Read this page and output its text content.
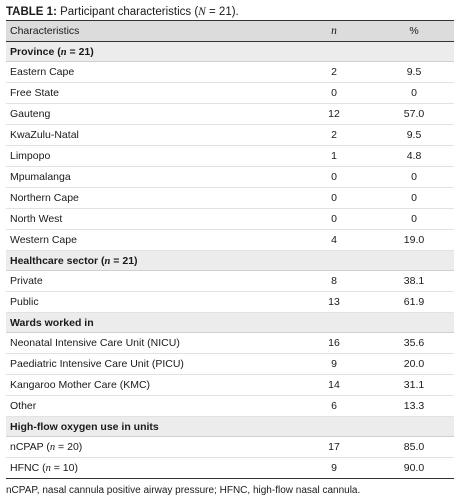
TABLE 1: Participant characteristics (N = 21).
Characteristics	n	%
Province (n = 21)		
Eastern Cape	2	9.5
Free State	0	0
Gauteng	12	57.0
KwaZulu-Natal	2	9.5
Limpopo	1	4.8
Mpumalanga	0	0
Northern Cape	0	0
North West	0	0
Western Cape	4	19.0
Healthcare sector (n = 21)		
Private	8	38.1
Public	13	61.9
Wards worked in		
Neonatal Intensive Care Unit (NICU)	16	35.6
Paediatric Intensive Care Unit (PICU)	9	20.0
Kangaroo Mother Care (KMC)	14	31.1
Other	6	13.3
High-flow oxygen use in units		
nCPAP (n = 20)	17	85.0
HFNC (n = 10)	9	90.0
nCPAP, nasal cannula positive airway pressure; HFNC, high-flow nasal cannula.
